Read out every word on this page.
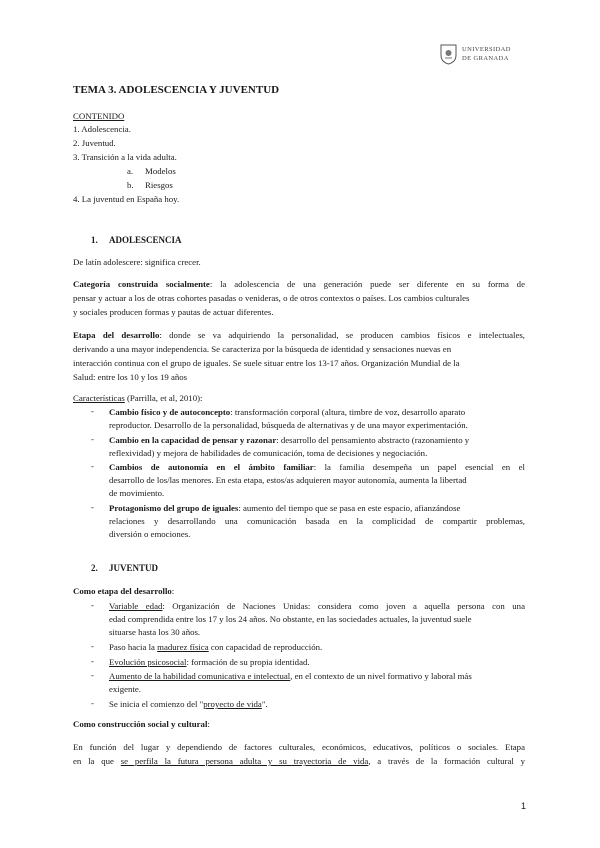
UNIVERSIDAD
DE GRANADA
TEMA 3. ADOLESCENCIA Y JUVENTUD
CONTENIDO
1. Adolescencia.
2. Juventud.
3. Transición a la vida adulta.
a. Modelos
b. Riesgos
4. La juventud en España hoy.
1. ADOLESCENCIA
De latín adolescere: significa crecer.
Categoría construida socialmente: la adolescencia de una generación puede ser diferente en su forma de
pensar y actuar a los de otras cohortes pasadas o venideras, o de otros contextos o países. Los cambios culturales
y sociales producen formas y pautas de actuar diferentes.
Etapa del desarrollo: donde se va adquiriendo la personalidad, se producen cambios físicos e intelectuales,
derivando a una mayor independencia. Se caracteriza por la búsqueda de identidad y sensaciones nuevas en
interacción continua con el grupo de iguales. Se suele situar entre los 13-17 años. Organización Mundial de la
Salud: entre los 10 y los 19 años
Características (Parrilla, et al, 2010):
- Cambio físico y de autoconcepto: transformación corporal (altura, timbre de voz, desarrollo aparato
reproductor. Desarrollo de la personalidad, búsqueda de alternativas y de una mayor experimentación.
- Cambio en la capacidad de pensar y razonar: desarrollo del pensamiento abstracto (razonamiento y
reflexividad) y mejora de habilidades de comunicación, toma de decisiones y negociación.
- Cambios de autonomía en el ámbito familiar: la familia desempeña un papel esencial en el
desarrollo de los/las menores. En esta etapa, estos/as adquieren mayor autonomía, aumenta la libertad
de movimiento.
- Protagonismo del grupo de iguales: aumento del tiempo que se pasa en este espacio, afianzándose
relaciones y desarrollando una comunicación basada en la complicidad de compartir problemas,
diversión o emociones.
2. JUVENTUD
Como etapa del desarrollo:
- Variable edad: Organización de Naciones Unidas: considera como joven a aquella persona con una
edad comprendida entre los 17 y los 24 años. No obstante, en las sociedades actuales, la juventud suele
situarse hasta los 30 años.
- Paso hacia la madurez física con capacidad de reproducción.
- Evolución psicosocial: formación de su propia identidad.
- Aumento de la habilidad comunicativa e intelectual, en el contexto de un nivel formativo y laboral más
exigente.
- Se inicia el comienzo del "proyecto de vida".
Como construcción social y cultural:
En función del lugar y dependiendo de factores culturales, económicos, educativos, políticos o sociales. Etapa
en la que se perfila la futura persona adulta y su trayectoria de vida, a través de la formación cultural y
1
